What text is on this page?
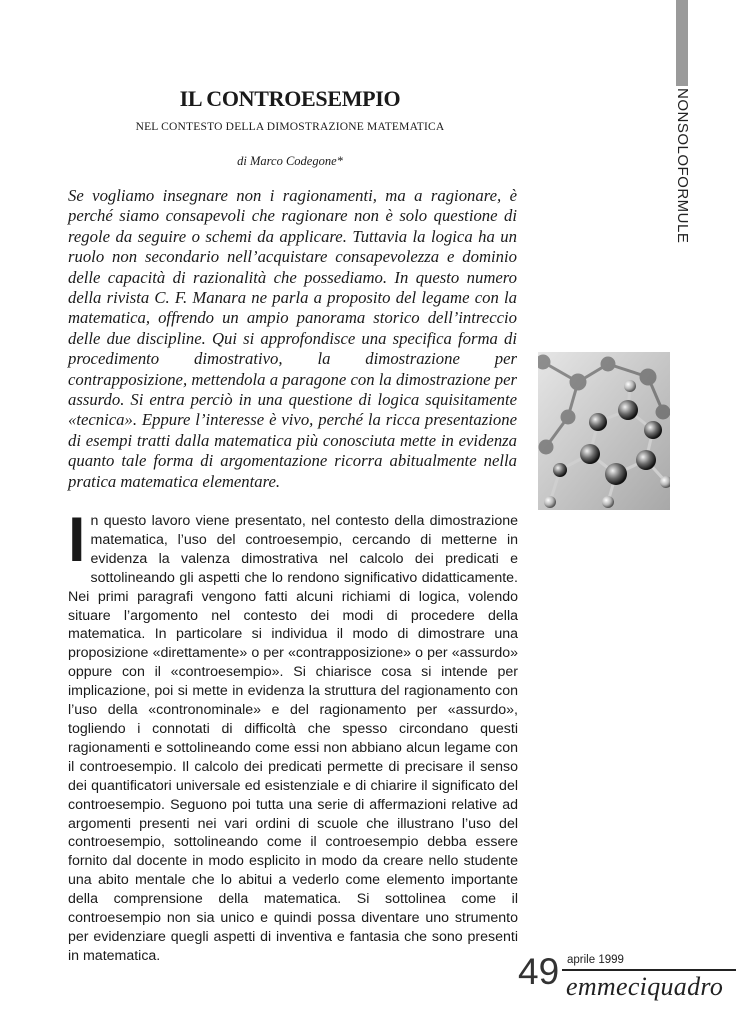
NONSOLOFORMULE
IL CONTROESEMPIO

NEL CONTESTO DELLA DIMOSTRAZIONE MATEMATICA

di Marco Codegone*

Se vogliamo insegnare non i ragionamenti, ma a ragionare, è perché siamo consapevoli che ragionare non è solo questione di regole da seguire o schemi da applicare. Tuttavia la logica ha un ruolo non secondario nell’acquistare consapevolezza e dominio delle capacità di razionalità che possediamo. In questo numero della rivista C. F. Manara ne parla a proposito del legame con la matematica, offrendo un ampio panorama storico dell’intreccio delle due discipline. Qui si approfondisce una specifica forma di procedimento dimostrativo, la dimostrazione per contrapposizione, mettendola a paragone con la dimostrazione per assurdo. Si entra perciò in una questione di logica squisitamente «tecnica». Eppure l’interesse è vivo, perché la ricca presentazione di esempi tratti dalla matematica più conosciuta mette in evidenza quanto tale forma di argomentazione ricorra abitualmente nella pratica matematica elementare.

In questo lavoro viene presentato, nel contesto della dimostrazione matematica, l’uso del controesempio, cercando di metterne in evidenza la valenza dimostrativa nel calcolo dei predicati e sottolineando gli aspetti che lo rendono significativo didatticamente. Nei primi paragrafi vengono fatti alcuni richiami di logica, volendo situare l’argomento nel contesto dei modi di procedere della matematica. In particolare si individua il modo di dimostrare una proposizione «direttamente» o per «contrapposizione» o per «assurdo» oppure con il «controesempio». Si chiarisce cosa si intende per implicazione, poi si mette in evidenza la struttura del ragionamento con l’uso della «contronominale» e del ragionamento per «assurdo», togliendo i connotati di difficoltà che spesso circondano questi ragionamenti e sottolineando come essi non abbiano alcun legame con il controesempio. Il calcolo dei predicati permette di precisare il senso dei quantificatori universale ed esistenziale e di chiarire il significato del controesempio. Seguono poi tutta una serie di affermazioni relative ad argomenti presenti nei vari ordini di scuole che illustrano l’uso del controesempio, sottolineando come il controesempio debba essere fornito dal docente in modo esplicito in modo da creare nello studente una abito mentale che lo abitui a vederlo come elemento importante della comprensione della matematica. Si sottolinea come il controesempio non sia unico e quindi possa diventare uno strumento per evidenziare quegli aspetti di inventiva e fantasia che sono presenti in matematica.	49 aprile 1999
emmeciquadro
